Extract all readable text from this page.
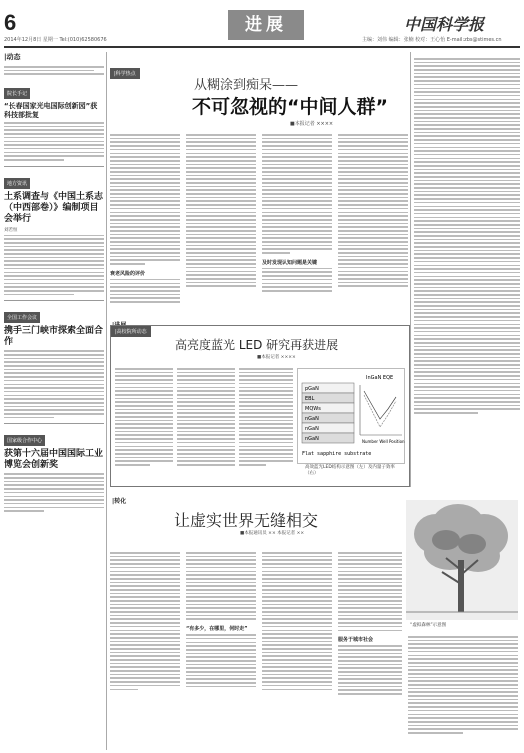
6
2014年12月8日 星期一 Tel:(010)62580676
进展	中国科学报
主编：刘伟 编辑：张楠 校对：王心怡 E-mail:zbs@stimes.cn
|动态
院长手记
“长春国家光电国际创新园”获科技部批复
地方资讯
土系调查与《中国土系志（中西部卷）》编制项目会举行
刘若恒
全国工作会议
携手三门峡市探索全面合作
国家级合作中心
获第十六届中国国际工业博览会创新奖
|科学热点
从糊涂到痴呆——
不可忽视的“中间人群”
■本报记者 ××××
衰老风险的评价
及时发现认知问题是关键
|高校院所动态
高亮度蓝光 LED 研究再获进展
■本报记者 ××××
pGaN
EBL
MQWs
nGaN
nGaN
nGaN
Flat sapphire substrate
InGaN EQE
Number Well Position
高效蓝光LED结构示意图（左）及内量子效率（右）
|转化
让虚实世界无缝相交
■本报通讯员 ×× 本报记者 ××
“有多少，在哪里，何时走”
服务于城市社会
“虚拟森林”示意图
